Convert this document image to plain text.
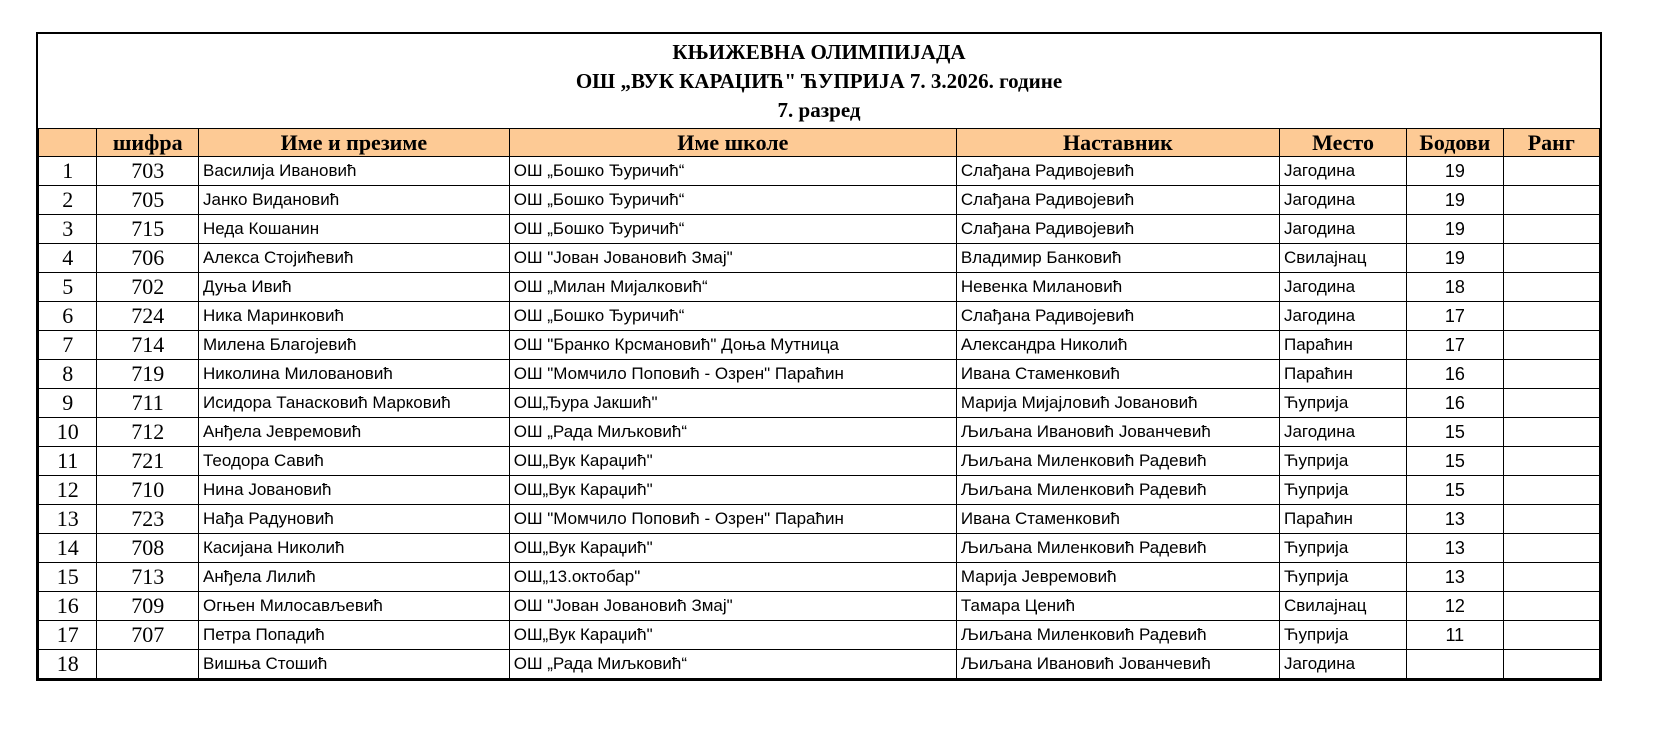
КЊИЖЕВНА ОЛИМПИЈАДА
ОШ „ВУК КАРАЏИЋ" ЋУПРИЈА 7. 3.2026. године
7. разред
	шифра	Име и презиме	Име школе	Наставник	Место	Бодови	Ранг
1	703	Василија Ивановић	ОШ „Бошко Ђуричић“	Слађана Радивојевић	Јагодина	19	
2	705	Јанко Видановић	ОШ „Бошко Ђуричић“	Слађана Радивојевић	Јагодина	19	
3	715	Неда Кошанин	ОШ „Бошко Ђуричић“	Слађана Радивојевић	Јагодина	19	
4	706	Алекса Стојићевић	ОШ "Јован Јовановић Змај"	Владимир Банковић	Свилајнац	19	
5	702	Дуња Ивић	ОШ „Милан Мијалковић“	Невенка Милановић	Јагодина	18	
6	724	Ника Маринковић	ОШ „Бошко Ђуричић“	Слађана Радивојевић	Јагодина	17	
7	714	Милена Благојевић	ОШ "Бранко Крсмановић" Доња Мутница	Александра Николић	Параћин	17	
8	719	Николина Миловановић	ОШ "Момчило Поповић - Озрен" Параћин	Ивана Стаменковић	Параћин	16	
9	711	Исидора Танасковић Марковић	ОШ„Ђура Јакшић"	Марија Мијајловић Јовановић	Ћуприја	16	
10	712	Анђела Јевремовић	ОШ „Рада Миљковић“	Љиљана Ивановић Јованчевић	Јагодина	15	
11	721	Теодора Савић	ОШ„Вук Караџић"	Љиљана Миленковић Радевић	Ћуприја	15	
12	710	Нина Јовановић	ОШ„Вук Караџић"	Љиљана Миленковић Радевић	Ћуприја	15	
13	723	Нађа Радуновић	ОШ "Момчило Поповић - Озрен" Параћин	Ивана Стаменковић	Параћин	13	
14	708	Касијана Николић	ОШ„Вук Караџић"	Љиљана Миленковић Радевић	Ћуприја	13	
15	713	Анђела Лилић	ОШ„13.октобар"	Марија Јевремовић	Ћуприја	13	
16	709	Огњен Милосављевић	ОШ "Јован Јовановић Змај"	Тамара Ценић	Свилајнац	12	
17	707	Петра Попадић	ОШ„Вук Караџић"	Љиљана Миленковић Радевић	Ћуприја	11	
18		Вишња Стошић	ОШ „Рада Миљковић“	Љиљана Ивановић Јованчевић	Јагодина		
